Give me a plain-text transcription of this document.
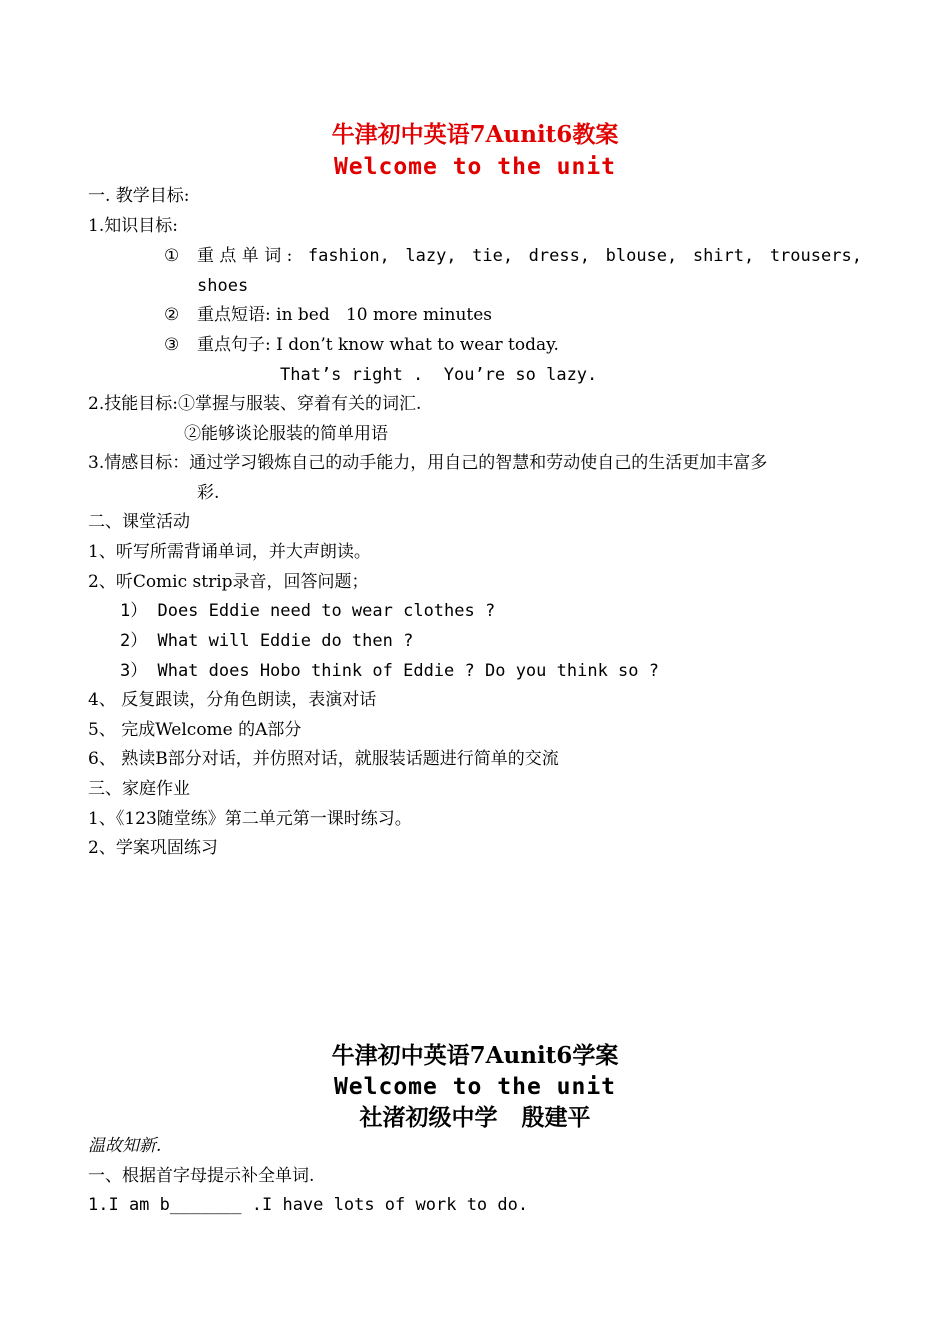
牛津初中英语7Aunit6教案
Welcome to the unit
一. 教学目标:
1.知识目标:
① 重 点 单 词 : fashion, lazy, tie, dress, blouse, shirt, trousers,
shoes
② 重点短语: in bed   10 more minutes
③ 重点句子: I don’t know what to wear today.
That’s right .  You’re so lazy.
2.技能目标:①掌握与服装、穿着有关的词汇.
②能够谈论服装的简单用语
3.情感目标：通过学习锻炼自己的动手能力，用自己的智慧和劳动使自己的生活更加丰富多
彩.
二、课堂活动
1、听写所需背诵单词，并大声朗读。
2、听Comic strip录音，回答问题；
1） Does Eddie need to wear clothes ?
2） What will Eddie do then ?
3） What does Hobo think of Eddie ? Do you think so ?
4、 反复跟读，分角色朗读，表演对话
5、 完成Welcome 的A部分
6、 熟读B部分对话，并仿照对话，就服装话题进行简单的交流
三、家庭作业
1、《123随堂练》第二单元第一课时练习。
2、学案巩固练习
牛津初中英语7Aunit6学案
Welcome to the unit
社渚初级中学   殷建平
温故知新.
一、根据首字母提示补全单词.
1.I am b_______ .I have lots of work to do.
